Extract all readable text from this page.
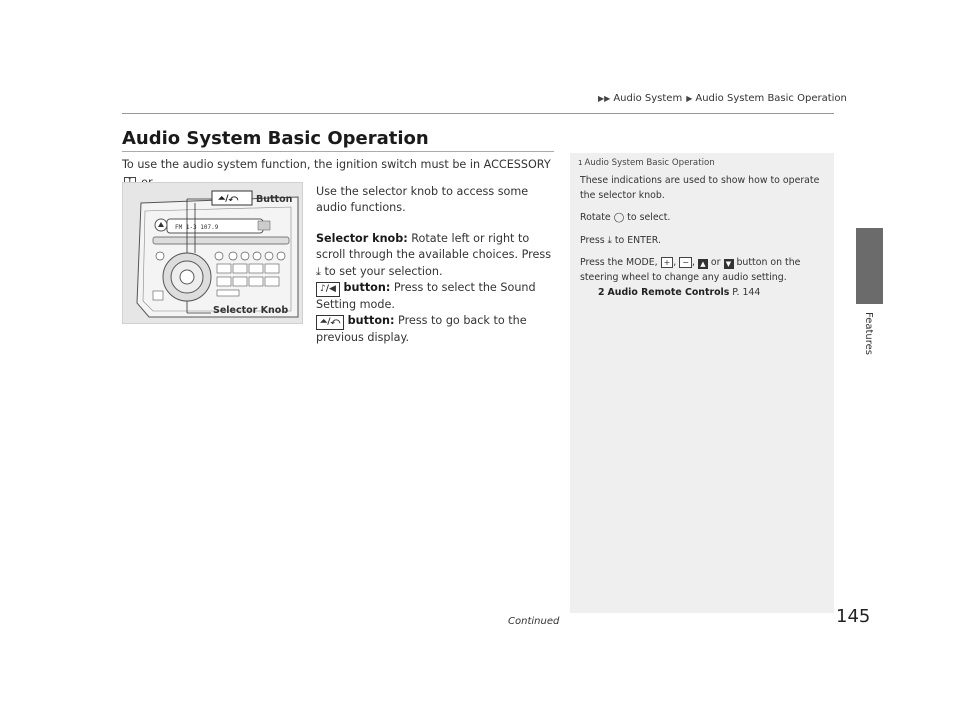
▶▶ Audio System ▶ Audio System Basic Operation
Features
Audio System Basic Operation
To use the audio system function, the ignition switch must be in ACCESSORY

FM 1-3 107.9
⏶/⤺ Button
Selector Knob

Use the selector knob to access some audio functions.

Selector knob: Rotate left or right to scroll through the available choices. Press ⤓ to set your selection.

♪/◀ button: Press to select the Sound Setting mode.

⏶/⤺ button: Press to go back to the previous display.

1 Audio System Basic Operation

These indications are used to show how to operate the selector knob.

Rotate ◯ to select.

Press ⤓ to ENTER.

Press the MODE, + , − , ▲ or ▼ button on the steering wheel to change any audio setting.

2 Audio Remote Controls P. 144

Continued	145
